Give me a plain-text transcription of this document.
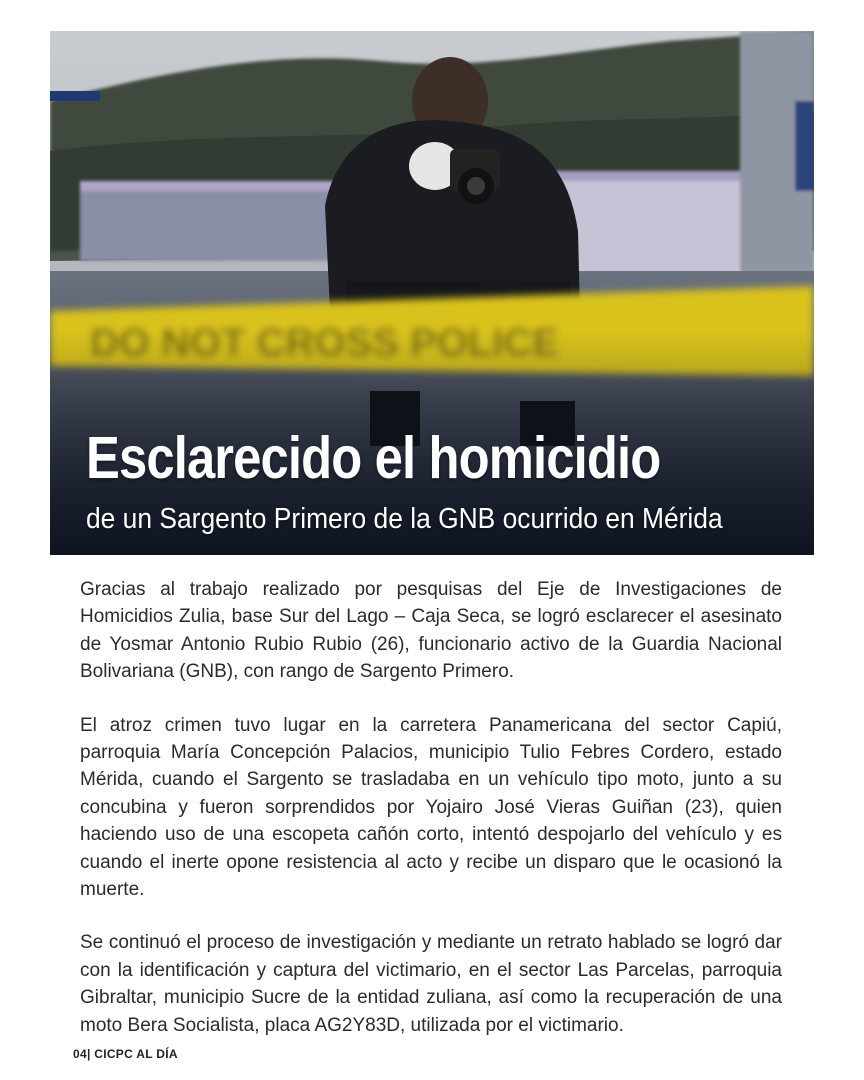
Esclarecido el homicidio
de un Sargento Primero de la GNB ocurrido en Mérida

Gracias al trabajo realizado por pesquisas del Eje de Investigaciones de Homicidios Zulia, base Sur del Lago – Caja Seca, se logró esclarecer el asesinato de Yosmar Antonio Rubio Rubio (26), funcionario activo de la Guardia Nacional Bolivariana (GNB), con rango de Sargento Primero.

El atroz crimen tuvo lugar en la carretera Panamericana del sector Capiú, parroquia María Concepción Palacios, municipio Tulio Febres Cordero, estado Mérida, cuando el Sargento se trasladaba en un vehículo tipo moto, junto a su concubina y fueron sorprendidos por Yojairo José Vieras Guiñan (23), quien haciendo uso de una escopeta cañón corto, intentó despojarlo del vehículo y es cuando el inerte opone resistencia al acto y recibe un disparo que le ocasionó la muerte.

Se continuó el proceso de investigación y mediante un retrato hablado se logró dar con la identificación y captura del victimario, en el sector Las Parcelas, parroquia Gibraltar, municipio Sucre de la entidad zuliana, así como la recuperación de una moto Bera Socialista, placa AG2Y83D, utilizada por el victimario.

04| CICPC AL DÍA
